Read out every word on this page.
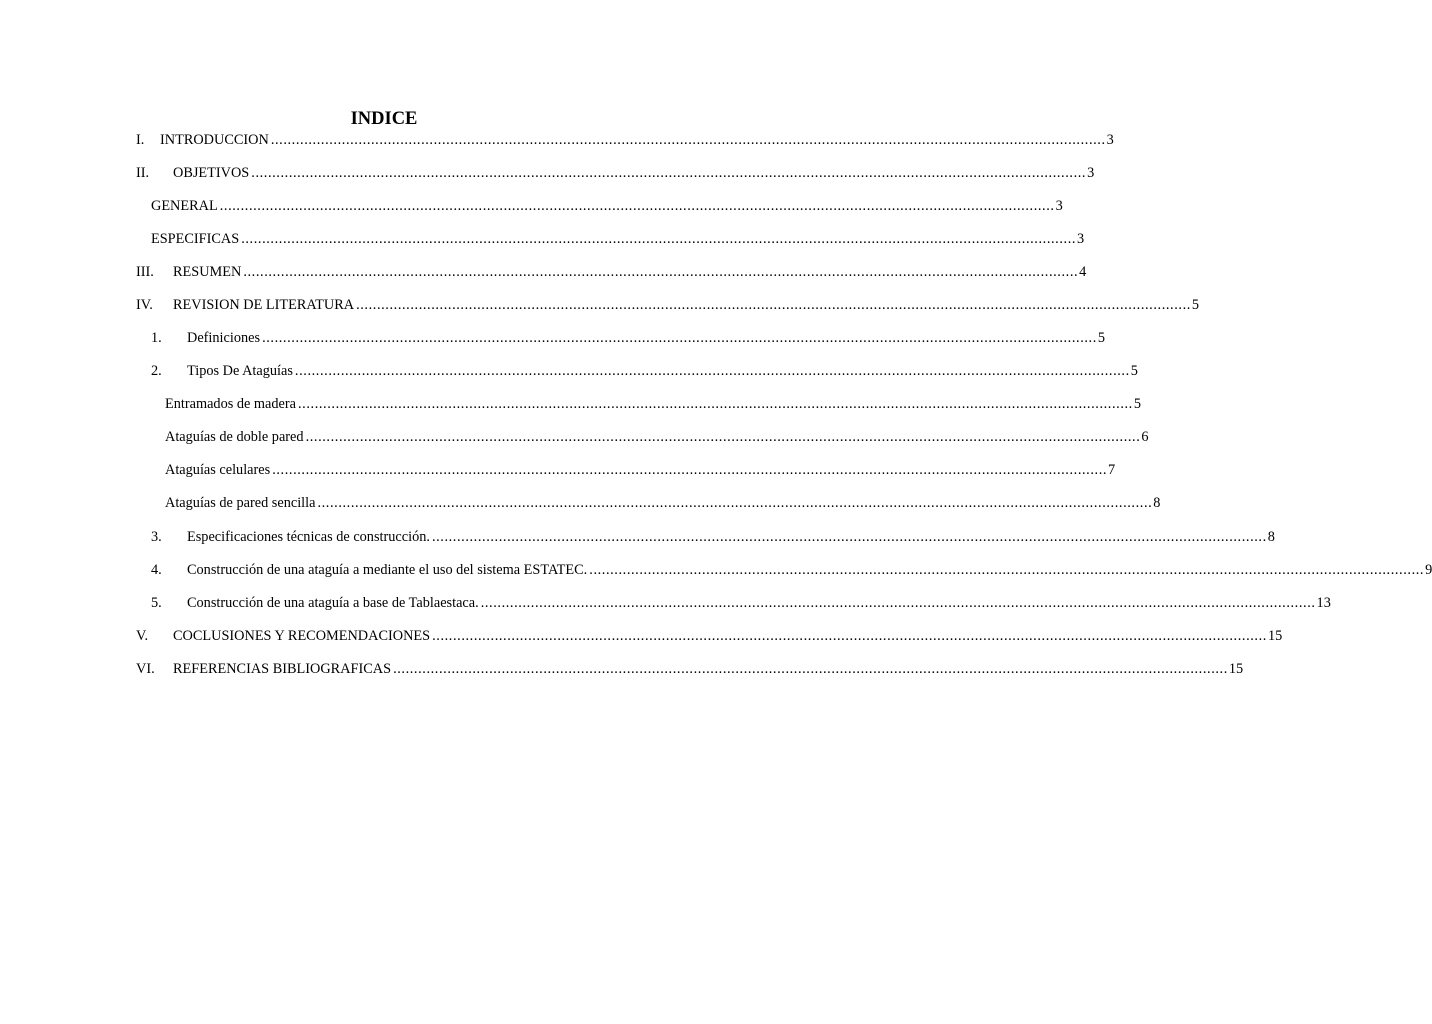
INDICE
I. INTRODUCCION ........................................................................................................................................................................................................ 3
II. OBJETIVOS ........................................................................................................................................................................................................ 3
GENERAL ........................................................................................................................................................................................................ 3
ESPECIFICAS ........................................................................................................................................................................................................ 3
III. RESUMEN ........................................................................................................................................................................................................ 4
IV. REVISION DE LITERATURA ........................................................................................................................................................................................................ 5
1. Definiciones ........................................................................................................................................................................................................ 5
2. Tipos De Ataguías ........................................................................................................................................................................................................ 5
Entramados de madera ........................................................................................................................................................................................................ 5
Ataguías de doble pared ........................................................................................................................................................................................................ 6
Ataguías celulares ........................................................................................................................................................................................................ 7
Ataguías de pared sencilla ........................................................................................................................................................................................................ 8
3. Especificaciones técnicas de construcción. ........................................................................................................................................................................................................ 8
4. Construcción de una ataguía a mediante el uso del sistema ESTATEC. ........................................................................................................................................................................................................ 9
5. Construcción de una ataguía a base de Tablaestaca. ........................................................................................................................................................................................................ 13
V. COCLUSIONES Y RECOMENDACIONES ........................................................................................................................................................................................................ 15
VI. REFERENCIAS BIBLIOGRAFICAS ........................................................................................................................................................................................................ 15
